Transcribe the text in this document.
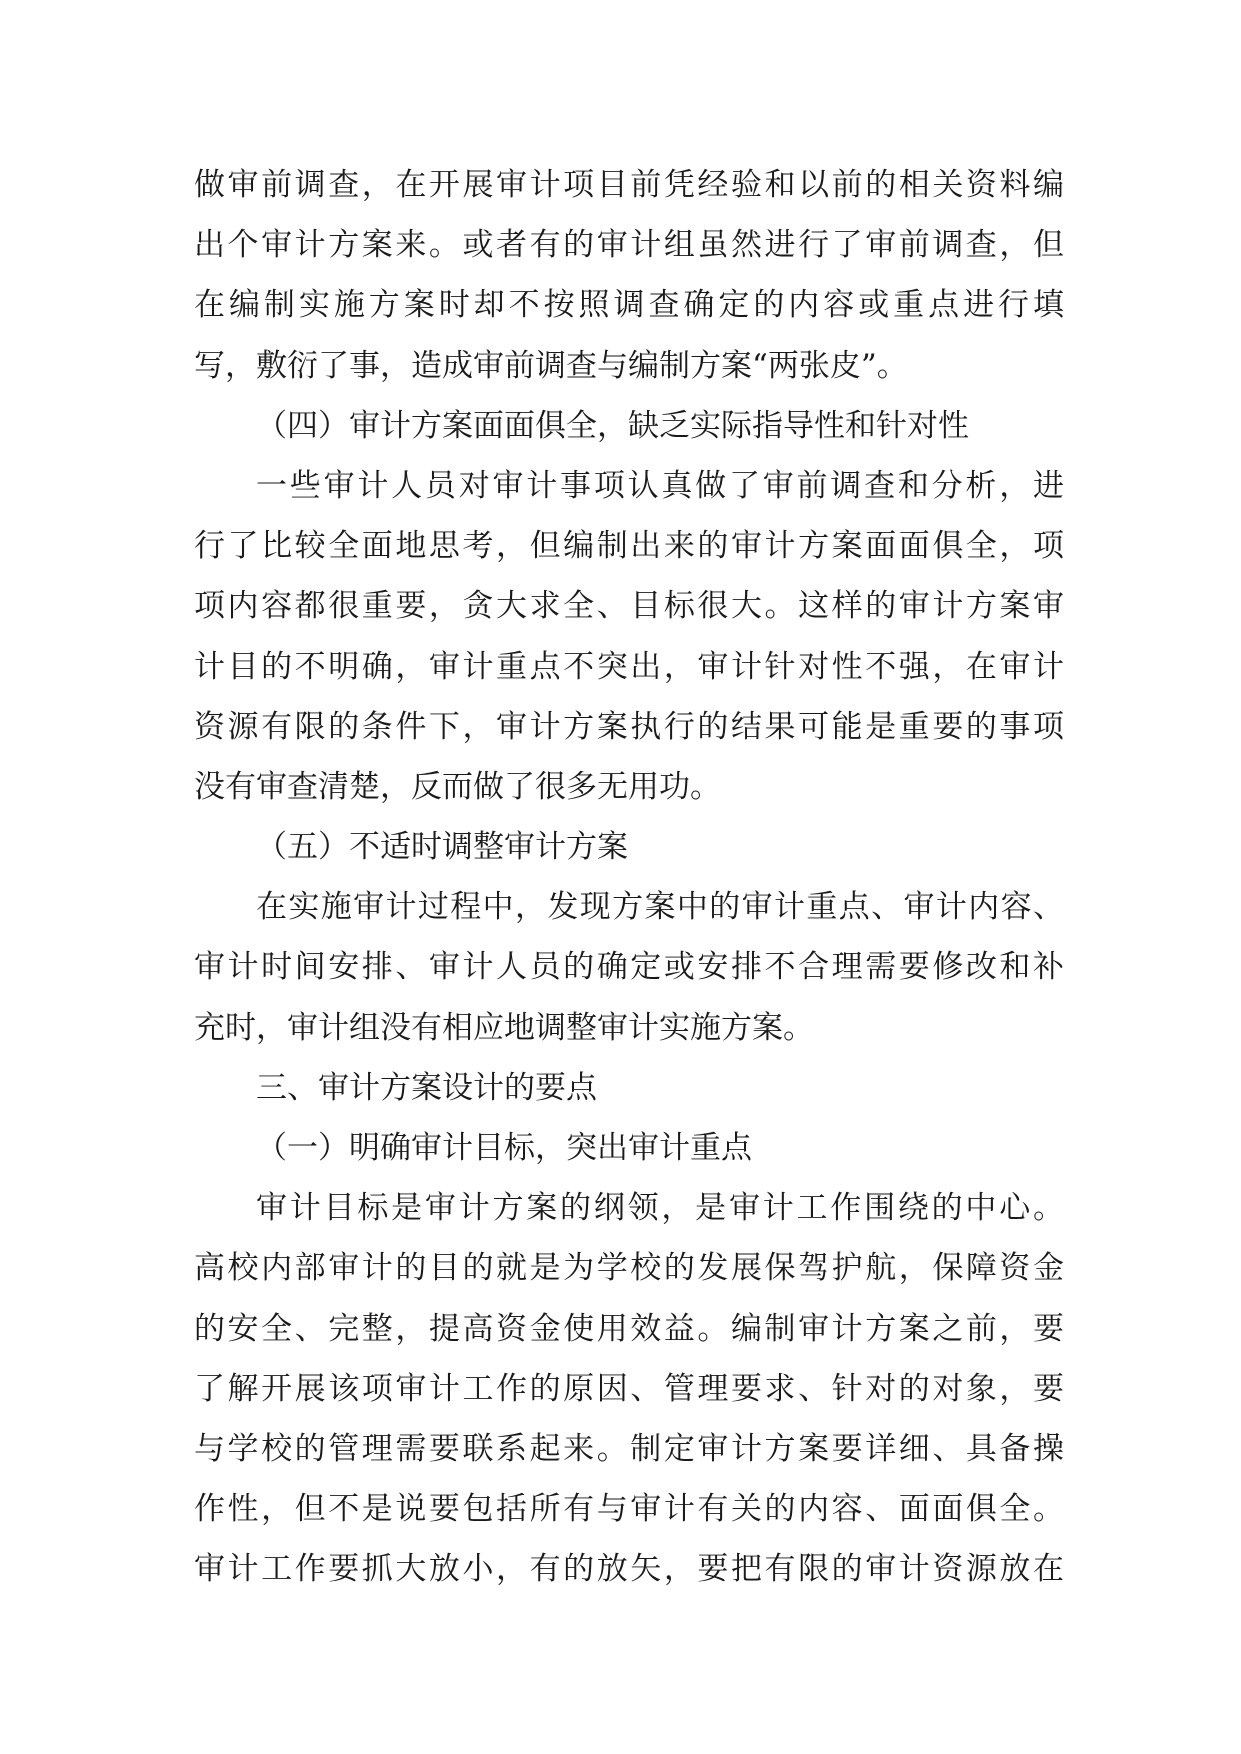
做审前调查，在开展审计项目前凭经验和以前的相关资料编
出个审计方案来。或者有的审计组虽然进行了审前调查，但
在编制实施方案时却不按照调查确定的内容或重点进行填
写，敷衍了事，造成审前调查与编制方案“两张皮”。
（四）审计方案面面俱全，缺乏实际指导性和针对性
一些审计人员对审计事项认真做了审前调查和分析，进
行了比较全面地思考，但编制出来的审计方案面面俱全，项
项内容都很重要，贪大求全、目标很大。这样的审计方案审
计目的不明确，审计重点不突出，审计针对性不强，在审计
资源有限的条件下，审计方案执行的结果可能是重要的事项
没有审查清楚，反而做了很多无用功。
（五）不适时调整审计方案
在实施审计过程中，发现方案中的审计重点、审计内容、
审计时间安排、审计人员的确定或安排不合理需要修改和补
充时，审计组没有相应地调整审计实施方案。
三、审计方案设计的要点
（一）明确审计目标，突出审计重点
审计目标是审计方案的纲领，是审计工作围绕的中心。
高校内部审计的目的就是为学校的发展保驾护航，保障资金
的安全、完整，提高资金使用效益。编制审计方案之前，要
了解开展该项审计工作的原因、管理要求、针对的对象，要
与学校的管理需要联系起来。制定审计方案要详细、具备操
作性，但不是说要包括所有与审计有关的内容、面面俱全。
审计工作要抓大放小，有的放矢，要把有限的审计资源放在
